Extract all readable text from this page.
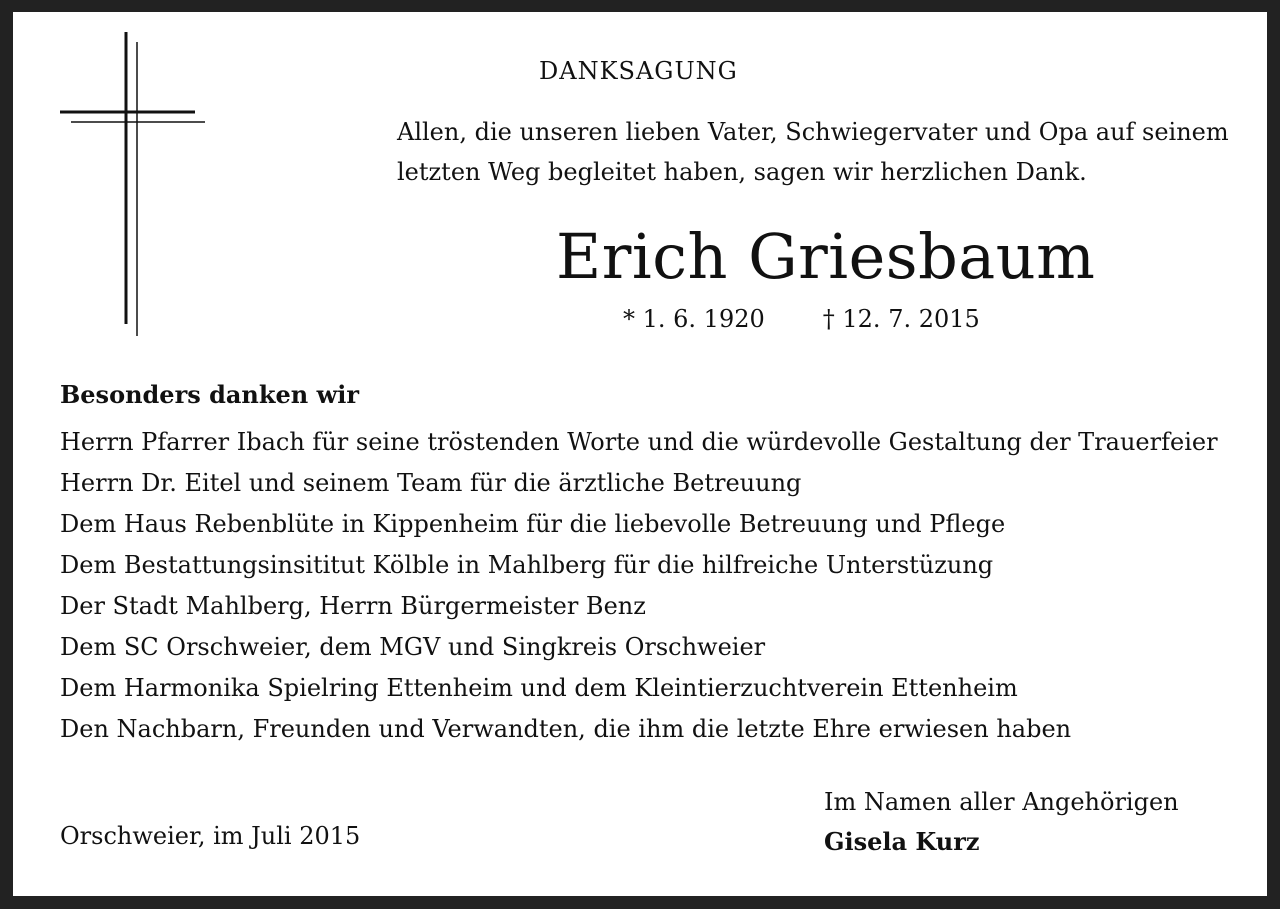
DANKSAGUNG
Allen, die unseren lieben Vater, Schwiegervater und Opa auf seinem
letzten Weg begleitet haben, sagen wir herzlichen Dank.
Erich Griesbaum
* 1. 6. 1920 † 12. 7. 2015
Besonders danken wir
Herrn Pfarrer Ibach für seine tröstenden Worte und die würdevolle Gestaltung der Trauerfeier
Herrn Dr. Eitel und seinem Team für die ärztliche Betreuung
Dem Haus Rebenblüte in Kippenheim für die liebevolle Betreuung und Pflege
Dem Bestattungsinsititut Kölble in Mahlberg für die hilfreiche Unterstüzung
Der Stadt Mahlberg, Herrn Bürgermeister Benz
Dem SC Orschweier, dem MGV und Singkreis Orschweier
Dem Harmonika Spielring Ettenheim und dem Kleintierzuchtverein Ettenheim
Den Nachbarn, Freunden und Verwandten, die ihm die letzte Ehre erwiesen haben
Orschweier, im Juli 2015
Im Namen aller Angehörigen
Gisela Kurz
